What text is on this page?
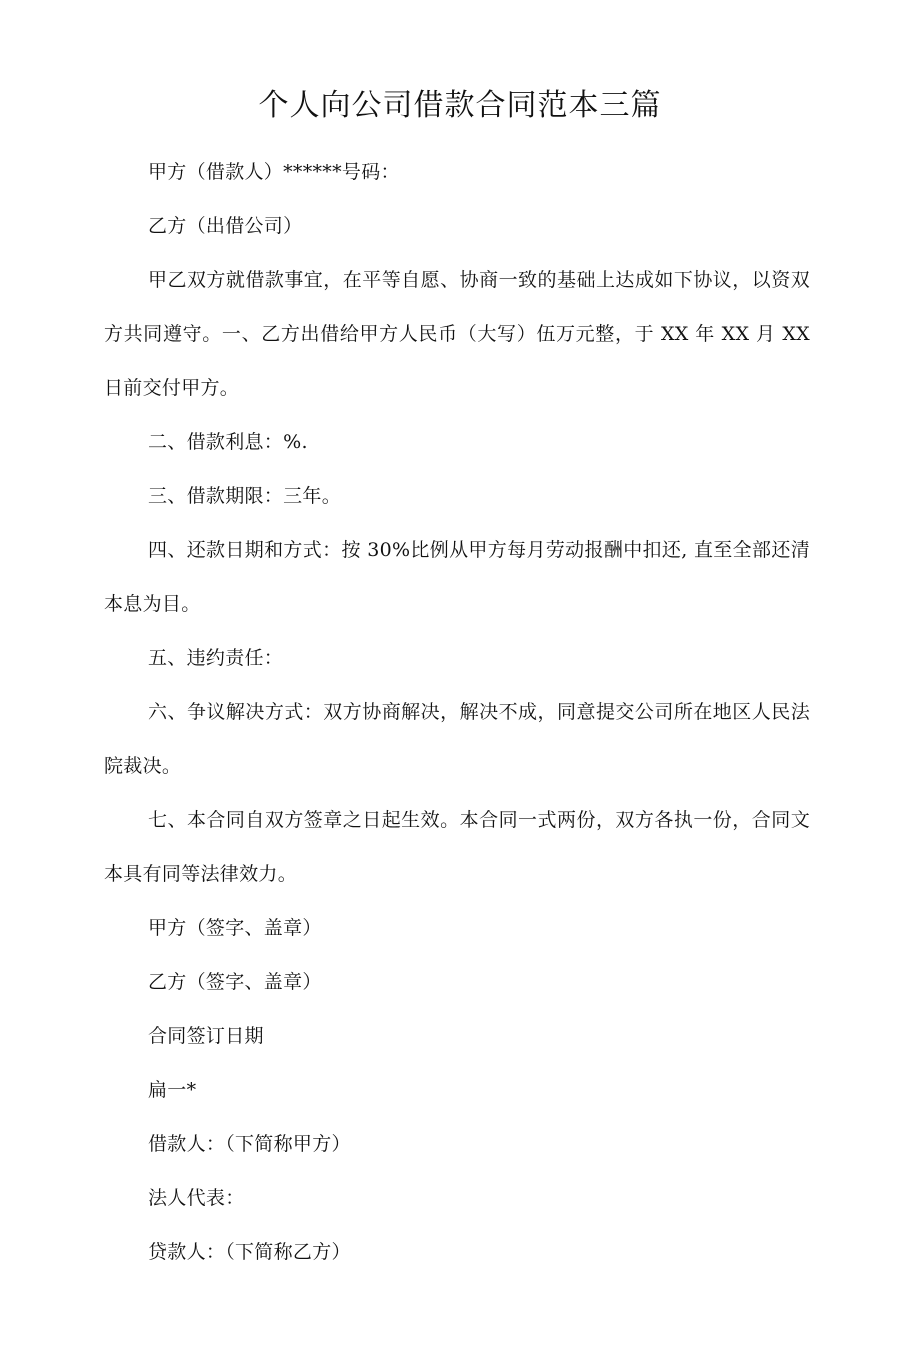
个人向公司借款合同范本三篇

甲方（借款人）******号码：

乙方（出借公司）

甲乙双方就借款事宜，在平等自愿、协商一致的基础上达成如下协议，以资双方共同遵守。一、乙方出借给甲方人民币（大写）伍万元整，于 XX 年 XX 月 XX 日前交付甲方。

二、借款利息：%.

三、借款期限：三年。

四、还款日期和方式：按 30%比例从甲方每月劳动报酬中扣还, 直至全部还清本息为目。

五、违约责任：

六、争议解决方式：双方协商解决，解决不成，同意提交公司所在地区人民法院裁决。

七、本合同自双方签章之日起生效。本合同一式两份，双方各执一份，合同文本具有同等法律效力。

甲方（签字、盖章）

乙方（签字、盖章）

合同签订日期

扁一*

借款人：（下简称甲方）

法人代表：

贷款人：（下简称乙方）
